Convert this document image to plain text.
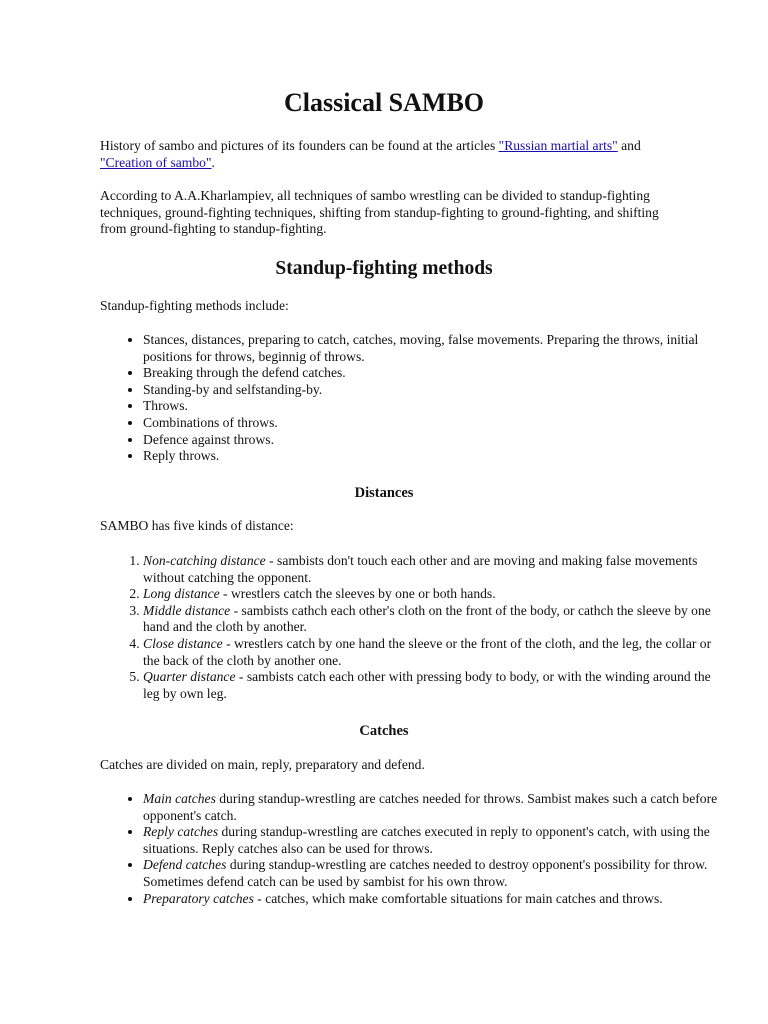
Classical SAMBO

History of sambo and pictures of its founders can be found at the articles "Russian martial arts" and "Creation of sambo".

According to A.A.Kharlampiev, all techniques of sambo wrestling can be divided to standup-fighting techniques, ground-fighting techniques, shifting from standup-fighting to ground-fighting, and shifting from ground-fighting to standup-fighting.

Standup-fighting methods

Standup-fighting methods include:

• Stances, distances, preparing to catch, catches, moving, false movements. Preparing the throws, initial positions for throws, beginnig of throws.
• Breaking through the defend catches.
• Standing-by and selfstanding-by.
• Throws.
• Combinations of throws.
• Defence against throws.
• Reply throws.
Distances

SAMBO has five kinds of distance:

1. Non-catching distance - sambists don't touch each other and are moving and making false movements without catching the opponent.
2. Long distance - wrestlers catch the sleeves by one or both hands.
3. Middle distance - sambists cathch each other's cloth on the front of the body, or cathch the sleeve by one hand and the cloth by another.
4. Close distance - wrestlers catch by one hand the sleeve or the front of the cloth, and the leg, the collar or the back of the cloth by another one.
5. Quarter distance - sambists catch each other with pressing body to body, or with the winding around the leg by own leg.
Catches

Catches are divided on main, reply, preparatory and defend.

• Main catches during standup-wrestling are catches needed for throws. Sambist makes such a catch before opponent's catch.
• Reply catches during standup-wrestling are catches executed in reply to opponent's catch, with using the situations. Reply catches also can be used for throws.
• Defend catches during standup-wrestling are catches needed to destroy opponent's possibility for throw. Sometimes defend catch can be used by sambist for his own throw.
• Preparatory catches - catches, which make comfortable situations for main catches and throws.
